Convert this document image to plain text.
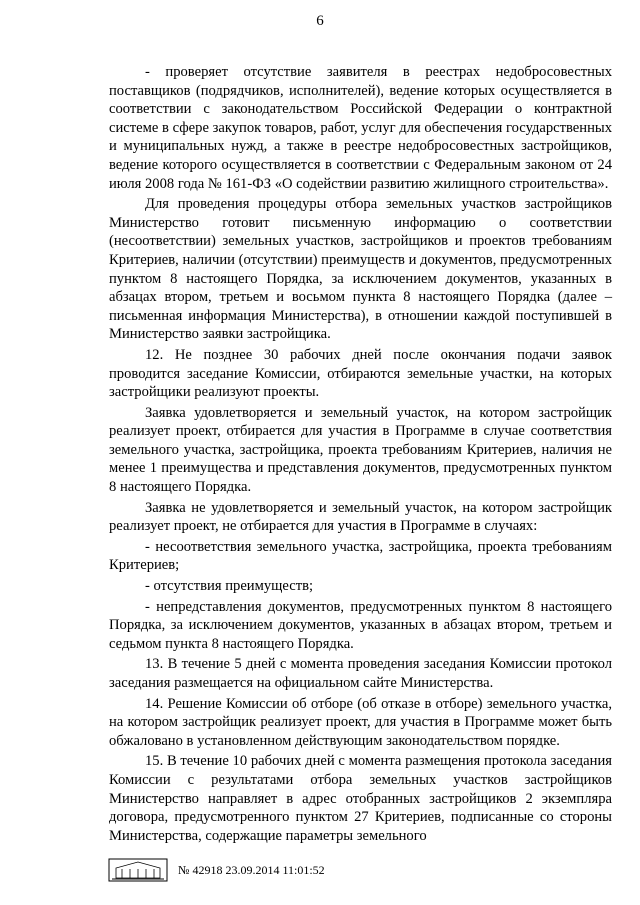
6

- проверяет отсутствие заявителя в реестрах недобросовестных поставщиков (подрядчиков, исполнителей), ведение которых осуществляется в соответствии с законодательством Российской Федерации о контрактной системе в сфере закупок товаров, работ, услуг для обеспечения государственных и муниципальных нужд, а также в реестре недобросовестных застройщиков, ведение которого осуществляется в соответствии с Федеральным законом от 24 июля 2008 года № 161-ФЗ «О содействии развитию жилищного строительства».

Для проведения процедуры отбора земельных участков застройщиков Министерство готовит письменную информацию о соответствии (несоответствии) земельных участков, застройщиков и проектов требованиям Критериев, наличии (отсутствии) преимуществ и документов, предусмотренных пунктом 8 настоящего Порядка, за исключением документов, указанных в абзацах втором, третьем и восьмом пункта 8 настоящего Порядка (далее – письменная информация Министерства), в отношении каждой поступившей в Министерство заявки застройщика.

12. Не позднее 30 рабочих дней после окончания подачи заявок проводится заседание Комиссии, отбираются земельные участки, на которых застройщики реализуют проекты.

Заявка удовлетворяется и земельный участок, на котором застройщик реализует проект, отбирается для участия в Программе в случае соответствия земельного участка, застройщика, проекта требованиям Критериев, наличия не менее 1 преимущества и представления документов, предусмотренных пунктом 8 настоящего Порядка.

Заявка не удовлетворяется и земельный участок, на котором застройщик реализует проект, не отбирается для участия в Программе в случаях:

- несоответствия земельного участка, застройщика, проекта требованиям Критериев;

- отсутствия преимуществ;

- непредставления документов, предусмотренных пунктом 8 настоящего Порядка, за исключением документов, указанных в абзацах втором, третьем и седьмом пункта 8 настоящего Порядка.

13. В течение 5 дней с момента проведения заседания Комиссии протокол заседания размещается на официальном сайте Министерства.

14. Решение Комиссии об отборе (об отказе в отборе) земельного участка, на котором застройщик реализует проект, для участия в Программе может быть обжаловано в установленном действующим законодательством порядке.

15. В течение 10 рабочих дней с момента размещения протокола заседания Комиссии с результатами отбора земельных участков застройщиков Министерство направляет в адрес отобранных застройщиков 2 экземпляра договора, предусмотренного пунктом 27 Критериев, подписанные со стороны Министерства, содержащие параметры земельного

№ 42918 23.09.2014 11:01:52
